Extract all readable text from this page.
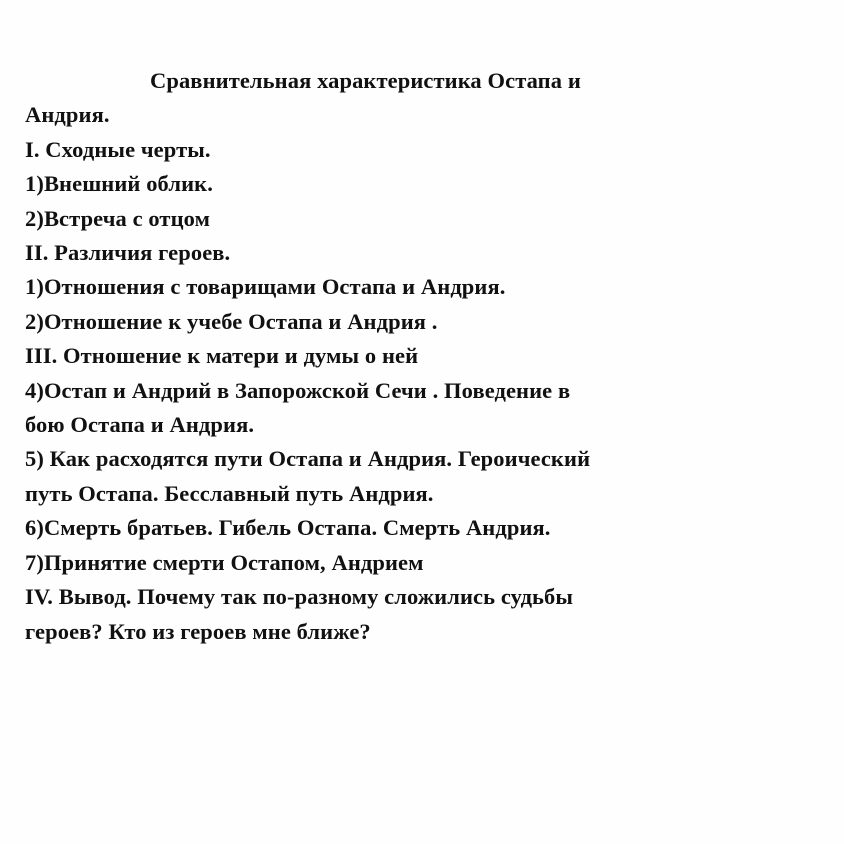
Сравнительная характеристика Остапа и
Андрия.
I. Сходные черты.
1)Внешний облик.
2)Встреча с отцом
II. Различия героев.
1)Отношения с товарищами Остапа и Андрия.
2)Отношение к учебе Остапа и Андрия .
III. Отношение к матери и думы о ней
4)Остап и Андрий в Запорожской Сечи . Поведение в
бою Остапа и Андрия.
5) Как расходятся пути Остапа и Андрия. Героический
путь Остапа. Бесславный путь Андрия.
6)Смерть братьев. Гибель Остапа. Смерть Андрия.
7)Принятие смерти Остапом, Андрием
IV. Вывод. Почему так по-разному сложились судьбы
героев? Кто из героев мне ближе?
